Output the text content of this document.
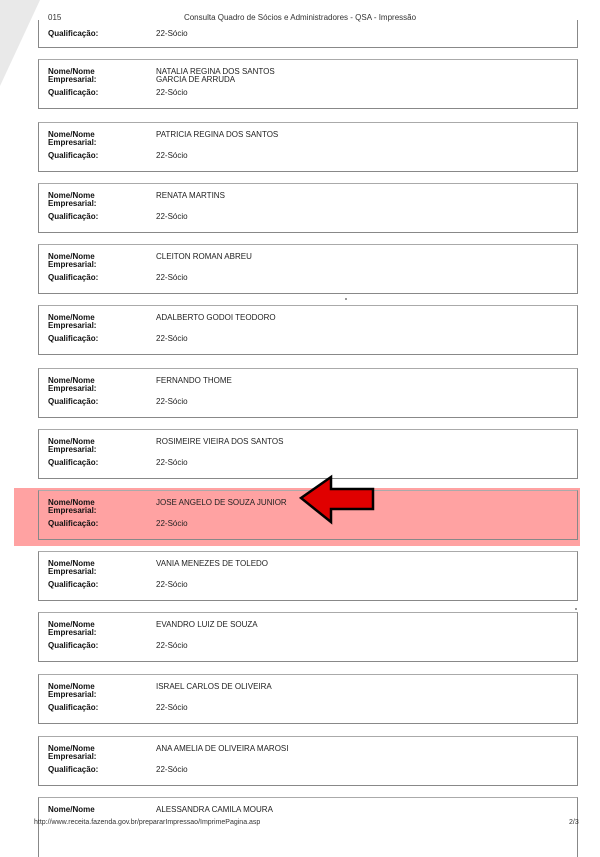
015	Consulta Quadro de Sócios e Administradores - QSA - Impressão
Qualificação:	22-Sócio
Nome/Nome	NATALIA REGINA DOS SANTOS
Empresarial:	GARCIA DE ARRUDA
Qualificação:	22-Sócio
Nome/Nome	PATRICIA REGINA DOS SANTOS
Empresarial:
Qualificação:	22-Sócio
Nome/Nome	RENATA MARTINS
Empresarial:
Qualificação:	22-Sócio
Nome/Nome	CLEITON ROMAN ABREU
Empresarial:
Qualificação:	22-Sócio
Nome/Nome	ADALBERTO GODOI TEODORO
Empresarial:
Qualificação:	22-Sócio
Nome/Nome	FERNANDO THOME
Empresarial:
Qualificação:	22-Sócio
Nome/Nome	ROSIMEIRE VIEIRA DOS SANTOS
Empresarial:
Qualificação:	22-Sócio
Nome/Nome	JOSE ANGELO DE SOUZA JUNIOR
Empresarial:
Qualificação:	22-Sócio
Nome/Nome	VANIA MENEZES DE TOLEDO
Empresarial:
Qualificação:	22-Sócio
Nome/Nome	EVANDRO LUIZ DE SOUZA
Empresarial:
Qualificação:	22-Sócio
Nome/Nome	ISRAEL CARLOS DE OLIVEIRA
Empresarial:
Qualificação:	22-Sócio
Nome/Nome	ANA AMELIA DE OLIVEIRA MAROSI
Empresarial:
Qualificação:	22-Sócio
Nome/Nome	ALESSANDRA CAMILA MOURA
http://www.receita.fazenda.gov.br/prepararImpressao/ImprimePagina.asp	2/3
